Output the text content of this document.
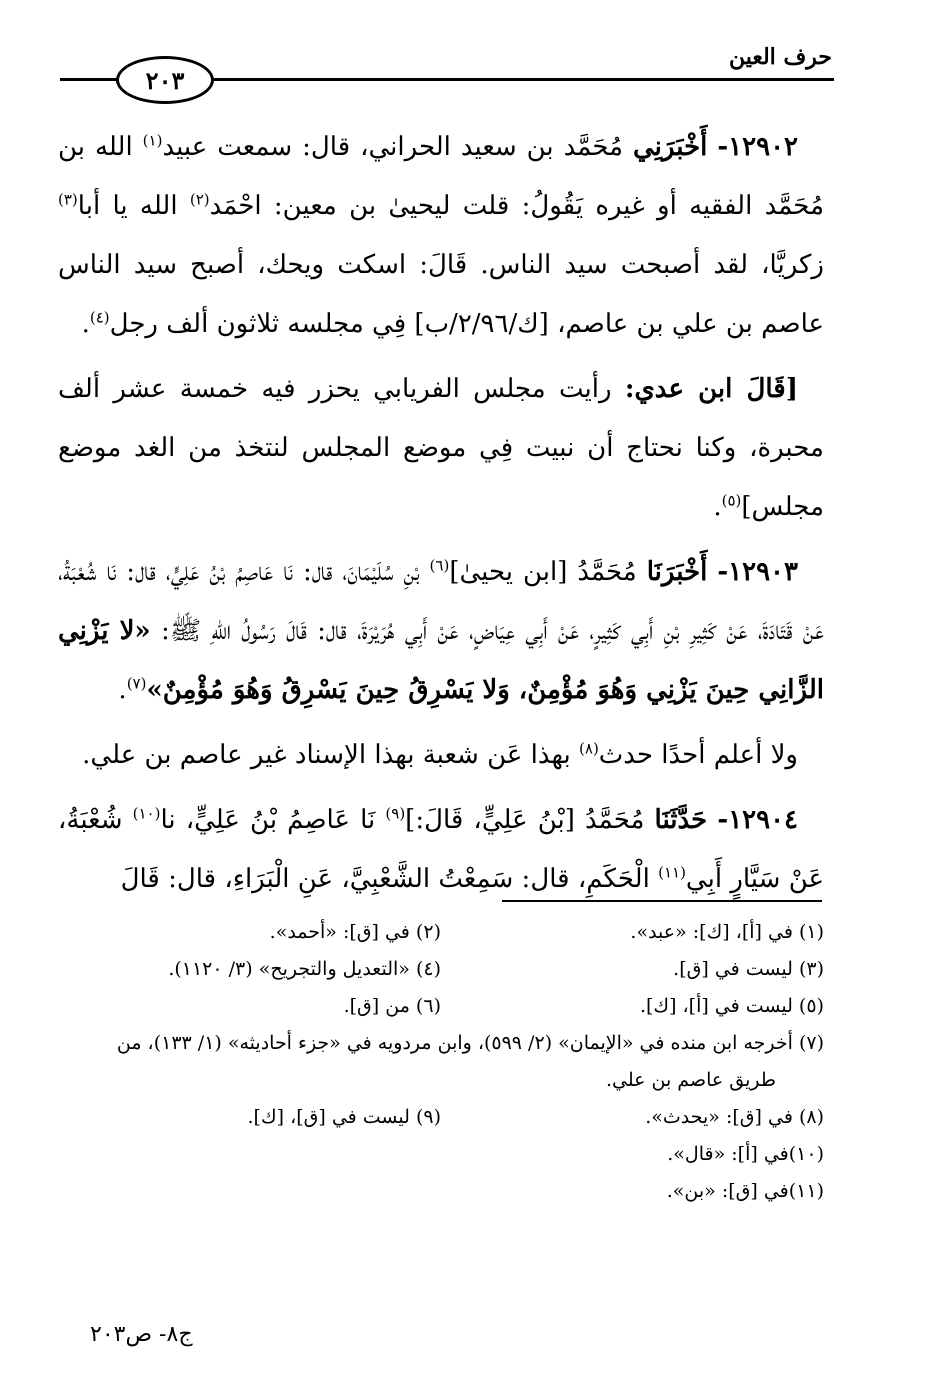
٢٠٣
حرف العين

١٢٩٠٢- أَخْبَرَنِي مُحَمَّد بن سعيد الحراني، قال: سمعت عبيد$^{(١)}$ الله بن مُحَمَّد الفقيه أو غيره يَقُولُ: قلت ليحيىٰ بن معين: احْمَد$^{(٢)}$ الله يا أبا$^{(٣)}$ زكريَّا، لقد أصبحت سيد الناس. قَالَ: اسكت ويحك، أصبح سيد الناس عاصم بن علي بن عاصم، [ك/٢/٩٦/ب] فِي مجلسه ثلاثون ألف رجل$^{(٤)}$.

[قَالَ ابن عدي: رأيت مجلس الفريابي يحزر فيه خمسة عشر ألف محبرة، وكنا نحتاج أن نبيت فِي موضع المجلس لنتخذ من الغد موضع مجلس]$^{(٥)}$.

١٢٩٠٣- أَخْبَرَنَا مُحَمَّدُ [ابن يحيىٰ]$^{(٦)}$ بْنِ سُلَيْمَانَ، قال: نَا عَاصِمُ بْنُ عَلِيٍّ، قال: نَا شُعْبَةُ، عَنْ قَتَادَةَ، عَنْ كَثِيرِ بْنِ أَبِي كَثِيرٍ، عَنْ أَبِي عِيَاضٍ، عَنْ أَبِي هُرَيْرَةَ، قال: قَالَ رَسُولُ اللهِ ﷺ: «لا يَزْنِي الزَّانِي حِينَ يَزْنِي وَهُوَ مُؤْمِنٌ، وَلا يَسْرِقُ حِينَ يَسْرِقُ وَهُوَ مُؤْمِنٌ»$^{(٧)}$.

ولا أعلم أحدًا حدث$^{(٨)}$ بهذا عَن شعبة بهذا الإسناد غير عاصم بن علي.

١٢٩٠٤- حَدَّثَنَا مُحَمَّدُ [بْنُ عَلِيٍّ، قَالَ:]$^{(٩)}$ نَا عَاصِمُ بْنُ عَلِيٍّ، نا$^{(١٠)}$ شُعْبَةُ، عَنْ سَيَّارٍ أَبِي$^{(١١)}$ الْحَكَمِ، قال: سَمِعْتُ الشَّعْبِيَّ، عَنِ الْبَرَاءِ، قال: قَالَ

(١) في [أ]، [ك]: «عبد».
(٢) في [ق]: «أحمد».
(٣) ليست في [ق].
(٤) «التعديل والتجريح» (٣/ ١١٢٠).
(٥) ليست في [أ]، [ك].
(٦) من [ق].
(٧) أخرجه ابن منده في «الإيمان» (٢/ ٥٩٩)، وابن مردويه في «جزء أحاديثه» (١/ ١٣٣)، من
طريق عاصم بن علي.
(٨) في [ق]: «يحدث».
(٩) ليست في [ق]، [ك].
(١٠)في [أ]: «قال».
(١١)في [ق]: «بن».
ج٨- ص٢٠٣
